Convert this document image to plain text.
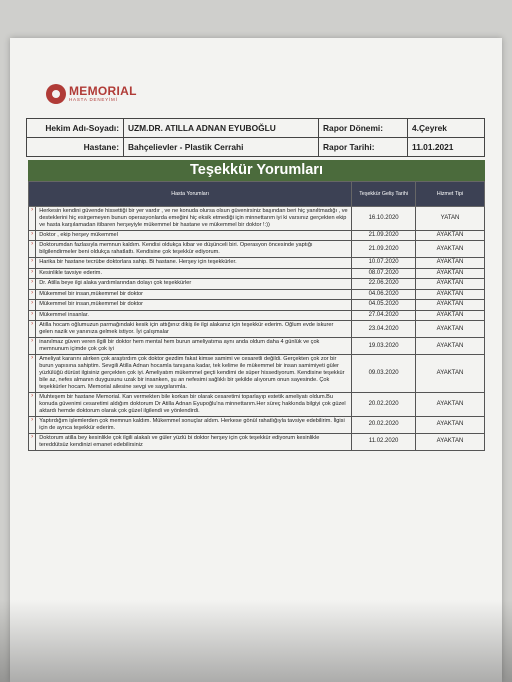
MEMORIAL
HASTA DENEYİMİ
Hekim Adı-Soyadı:	UZM.DR. ATILLA ADNAN EYUBOĞLU	Rapor Dönemi:	4.Çeyrek
Hastane:	Bahçelievler - Plastik Cerrahi	Rapor Tarihi:	11.01.2021
Teşekkür Yorumları
Hasta Yorumları		Teşekkür Geliş Tarihi	Hizmet Tipi
›	Herkesin kendini güvende hissettiği bir yer vardır , ve ne konuda olursa olsun güvenirsiniz başından beri hiç yanıltmadığı , ve desteklerini hiç esirgemeyen bunun operasyonlarda emeğini hiç eksik etmediği için minnettarım iyi ki varsınız gerçekten ekip ve hasta karşılamadan itibaren herşeyiyle mükemmel bir hastane ve mükemmel bir doktor !:))	16.10.2020	YATAN
›	Doktor , ekip herşey mükemmel	21.09.2020	AYAKTAN
›	Doktorumdan fazlasıyla memnun kaldım. Kendisi oldukça kibar ve düşünceli biri. Operasyon öncesinde yaptığı bilgilendirmeler beni oldukça rahatlattı. Kendisine çok teşekkür ediyorum.	21.09.2020	AYAKTAN
›	Harika bir hastane tecrübe doktorlara sahip. Bi hastane. Herşey için teşekkürler.	10.07.2020	AYAKTAN
›	Kesinlikle tavsiye ederim.	08.07.2020	AYAKTAN
›	Dr. Atilla beye ilgi alaka yardımlarından dolayı çok teşekkürler	22.06.2020	AYAKTAN
›	Mükemmel bir insan,mükemmel bir doktor	04.06.2020	AYAKTAN
›	Mükemmel bir insan,mükemmel bir doktor	04.05.2020	AYAKTAN
›	Mükemmel insanlar.	27.04.2020	AYAKTAN
›	Atilla hocam oğlumuzun parmağındaki kesik için attığınız dikiş ile ilgi alakanız için teşekkür ederim. Oğlum evde iskurer gelen nazik ve yanınıza gelmek istiyor. İyi çalışmalar	23.04.2020	AYAKTAN
›	inanılmaz güven veren ilgili bir doktor hem mental hem burun ameliyatıma aynı anda oldum daha 4 günlük ve çok memnunum içimde çok çok iyi	19.03.2020	AYAKTAN
›	Ameliyat kararını alırken çok araştırdım çok doktor gezdim fakat kimse samimi ve cesaretli değildi. Gerçekten çok zor bir burun yapısına sahiptim. Sevgili Atilla Adnan hocamla tanışana kadar, tek kelime ile mükemmel bir insan samimiyeti güler yüzlülüğü dürüst ilgisiniz gerçekten çok iyi. Ameliyatım mükemmel geçti kendimi de süper hissediyorum. Kendisine teşekkür bile az, nefes almanın duygusunu uzak bir insanken, şu an nefesimi sağlıklı bir şekilde alıyorum onun sayesinde. Çok teşekkürler hocam. Memorial ailesine sevgi ve saygılarımla.	09.03.2020	AYAKTAN
›	Muhteşem bir hastane Memorial. Kan vermekten bile korkan bir olarak cesaretimi toparlayıp estetik ameliyatı oldum.Bu konuda güvenimi cesaretimi aldığım doktorum Dr Atilla Adnan Eyupoğlu'na minnettarım.Her süreç hakkında bilgiyi çok güzel aktardı hemde doktorum olarak çok güzel ilgilendi ve yönlendirdi.	20.02.2020	AYAKTAN
›	Yaptırdığım işlemlerden çok memnun kaldım. Mükemmel sonuçlar aldım. Herkese gönül rahatlığıyla tavsiye edebilirim. İlgisi için de ayrıca teşekkür ederim.	20.02.2020	AYAKTAN
›	Doktorum atilla bey kesinlikle çok ilgili alakalı ve güler yüzlü bi doktor herşey için çok teşekkür ediyorum kesinlikle tereddütsüz kendinizi emanet edebilirsiniz	11.02.2020	AYAKTAN
